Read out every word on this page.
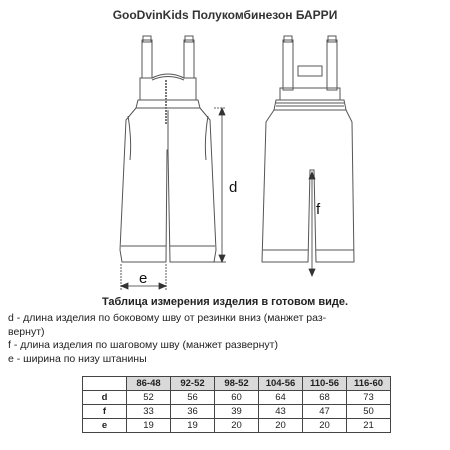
GooDvinKids Полукомбинезон БАРРИ
d
e
f
Таблица измерения изделия в готовом виде.
d - длина изделия по боковому шву от резинки вниз (манжет раз-
вернут)
f - длина изделия по шаговому шву (манжет развернут)
e - ширина по низу штанины
	86-48	92-52	98-52	104-56	110-56	116-60
d	52	56	60	64	68	73
f	33	36	39	43	47	50
e	19	19	20	20	20	21
